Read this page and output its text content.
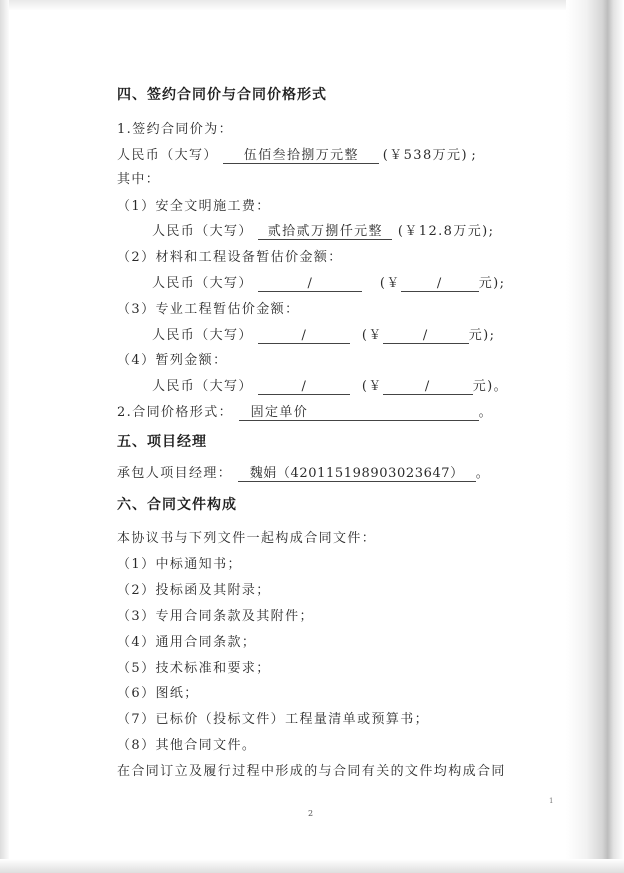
四、签约合同价与合同价格形式
1.签约合同价为：
人民币（大写） 伍佰叁拾捌万元整 (￥538万元) ;
其中：
（1）安全文明施工费：
人民币（大写） 贰拾贰万捌仟元整 (￥12.8万元);
（2）材料和工程设备暂估价金额：
人民币（大写）	/	(￥	/	元);
（3）专业工程暂估价金额：
人民币（大写）	/	(￥	/	元);
（4）暂列金额：
人民币（大写）	/	(￥	/	元)。
2.合同价格形式： 固定单价	。
五、项目经理
承包人项目经理： 魏娟（420115198903023647） 。
六、合同文件构成
本协议书与下列文件一起构成合同文件：
（1）中标通知书；
（2）投标函及其附录；
（3）专用合同条款及其附件；
（4）通用合同条款；
（5）技术标准和要求；
（6）图纸；
（7）已标价（投标文件）工程量清单或预算书；
（8）其他合同文件。
在合同订立及履行过程中形成的与合同有关的文件均构成合同
2
1
